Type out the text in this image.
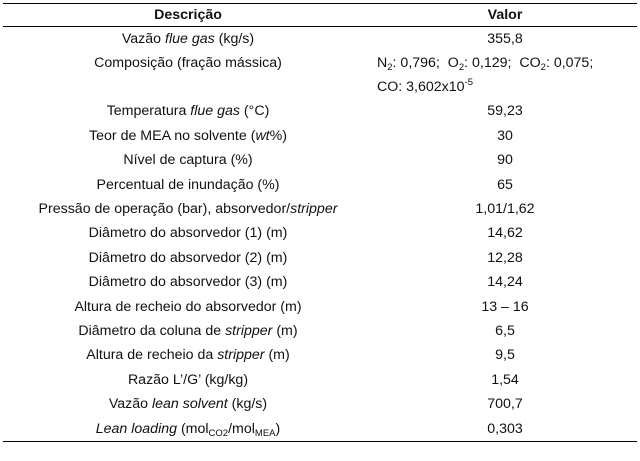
Descrição	Valor
Vazão flue gas (kg/s)	355,8
Composição (fração mássica)	$N_2$: 0,796; $O_2$: 0,129; $CO_2$: 0,075;
CO: $3,602x10^{-5}$
Temperatura flue gas (°C)	59,23
Teor de MEA no solvente (wt%)	30
Nível de captura (%)	90
Percentual de inundação (%)	65
Pressão de operação (bar), absorvedor/stripper	1,01/1,62
Diâmetro do absorvedor (1) (m)	14,62
Diâmetro do absorvedor (2) (m)	12,28
Diâmetro do absorvedor (3) (m)	14,24
Altura de recheio do absorvedor (m)	13 – 16
Diâmetro da coluna de stripper (m)	6,5
Altura de recheio da stripper (m)	9,5
Razão L’/G’ (kg/kg)	1,54
Vazão lean solvent (kg/s)	700,7
Lean loading (mol$_{CO2}$/mol$_{MEA}$)	0,303
